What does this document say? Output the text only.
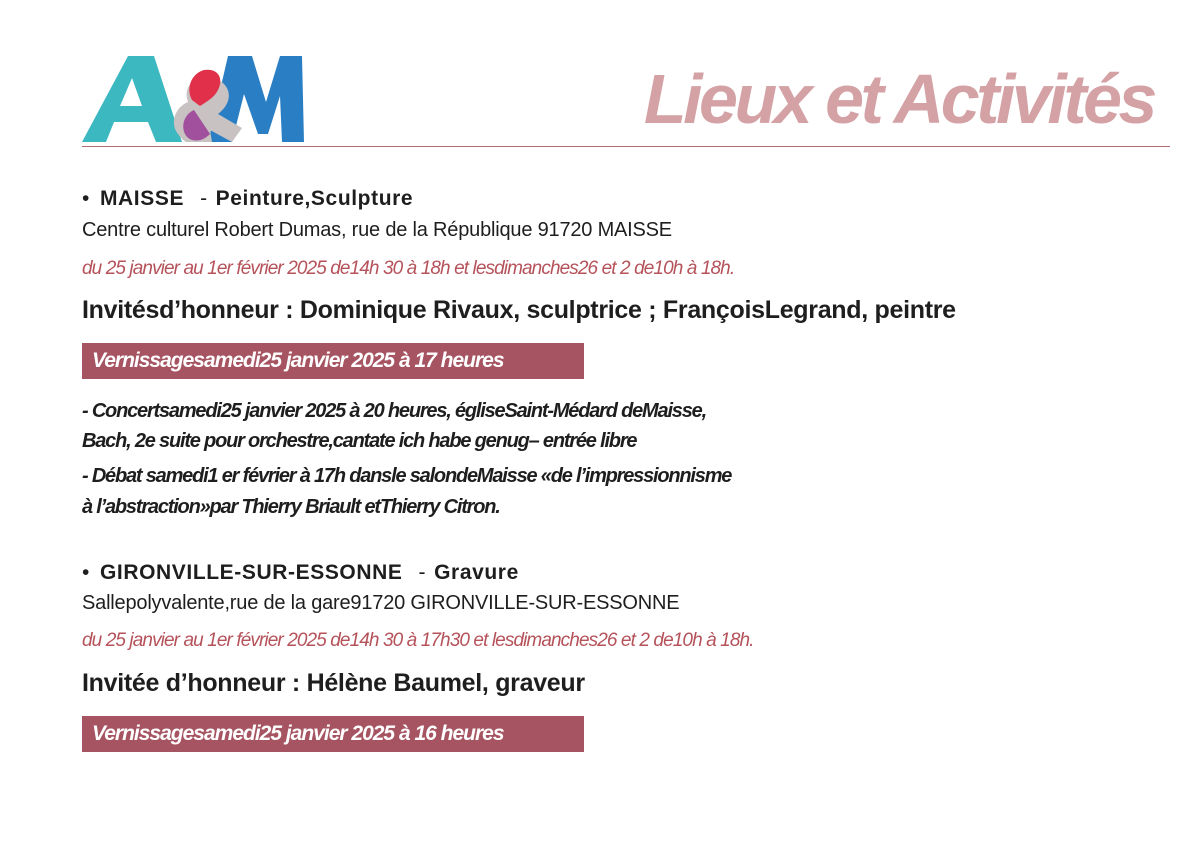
A&M
Lieux et Activités
• MAISSE - Peinture,Sculpture
Centre culturel Robert Dumas, rue de la République 91720 MAISSE
du 25 janvier au 1er février 2025 de14h 30 à 18h et lesdimanches26 et 2 de10h à 18h.
Invitésd’honneur : Dominique Rivaux, sculptrice ; FrançoisLegrand, peintre
Vernissagesamedi25 janvier 2025 à 17 heures
- Concertsamedi25 janvier 2025 à 20 heures, égliseSaint-Médard deMaisse,
Bach, 2e suite pour orchestre,cantate ich habe genug– entrée libre
- Débat samedi1 er février à 17h dansle salondeMaisse «de l’impressionnisme
à l’abstraction»par Thierry Briault etThierry Citron.
• GIRONVILLE-SUR-ESSONNE - Gravure
Sallepolyvalente,rue de la gare91720 GIRONVILLE-SUR-ESSONNE
du 25 janvier au 1er février 2025 de14h 30 à 17h30 et lesdimanches26 et 2 de10h à 18h.
Invitée d’honneur : Hélène Baumel, graveur
Vernissagesamedi25 janvier 2025 à 16 heures
